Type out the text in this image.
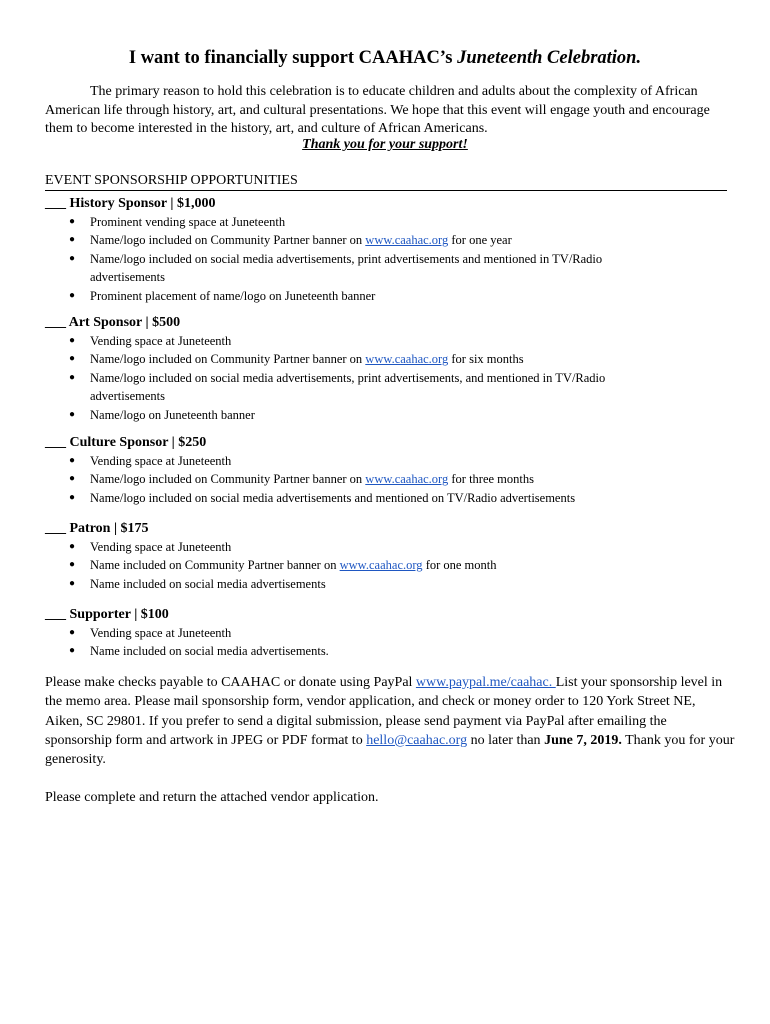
I want to financially support CAAHAC’s Juneteenth Celebration.

The primary reason to hold this celebration is to educate children and adults about the complexity of African American life through history, art, and cultural presentations. We hope that this event will engage youth and encourage them to become interested in the history, art, and culture of African Americans.

Thank you for your support!
EVENT SPONSORSHIP OPPORTUNITIES
___ History Sponsor | $1,000
● Prominent vending space at Juneteenth
● Name/logo included on Community Partner banner on www.caahac.org for one year
● Name/logo included on social media advertisements, print advertisements and mentioned in TV/Radio advertisements
● Prominent placement of name/logo on Juneteenth banner
___ Art Sponsor | $500
● Vending space at Juneteenth
● Name/logo included on Community Partner banner on www.caahac.org for six months
● Name/logo included on social media advertisements, print advertisements, and mentioned in TV/Radio advertisements
● Name/logo on Juneteenth banner
___ Culture Sponsor | $250
● Vending space at Juneteenth
● Name/logo included on Community Partner banner on www.caahac.org for three months
● Name/logo included on social media advertisements and mentioned on TV/Radio advertisements
___ Patron | $175
● Vending space at Juneteenth
● Name included on Community Partner banner on www.caahac.org for one month
● Name included on social media advertisements
___ Supporter | $100
● Vending space at Juneteenth
● Name included on social media advertisements.

Please make checks payable to CAAHAC or donate using PayPal www.paypal.me/caahac. List your sponsorship level in the memo area. Please mail sponsorship form, vendor application, and check or money order to 120 York Street NE, Aiken, SC 29801. If you prefer to send a digital submission, please send payment via PayPal after emailing the sponsorship form and artwork in JPEG or PDF format to hello@caahac.org no later than June 7, 2019. Thank you for your generosity.

Please complete and return the attached vendor application.
